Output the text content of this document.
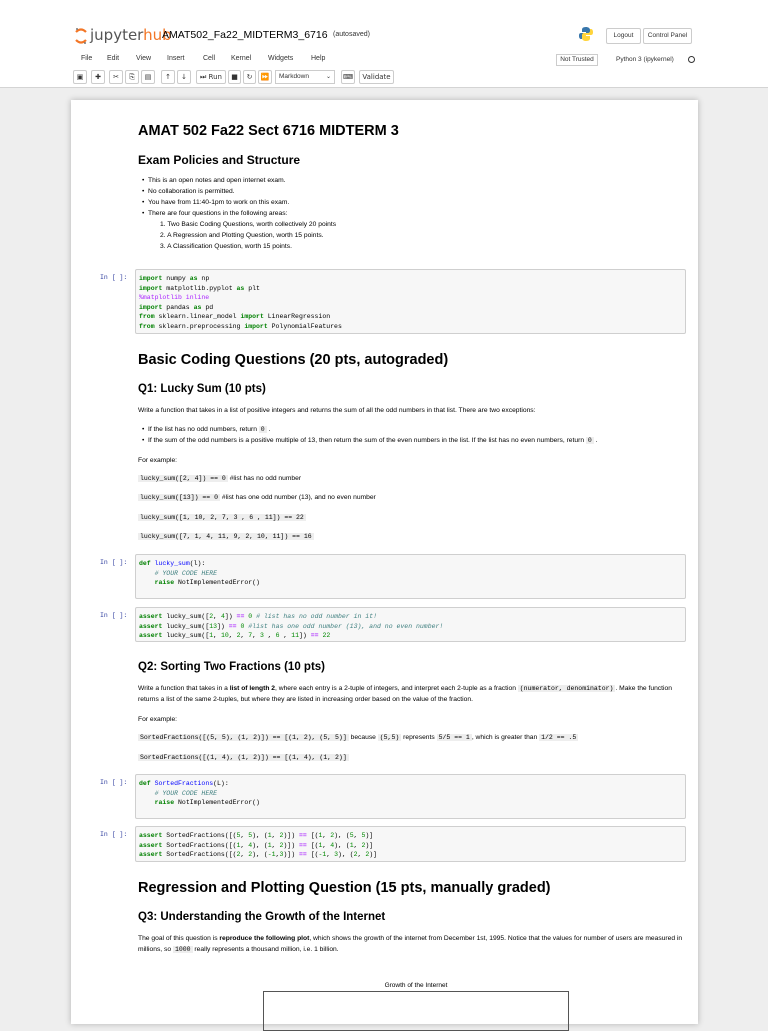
jupyterhub
AMAT502_Fa22_MIDTERM3_6716 (autosaved)	Logout	Control Panel
File Edit View Insert	Cell Kernel Widgets	Help	Not Trusted	Python 3 (ipykernel)
▣	✚	✂	⎘	▤	↑	↓	⏭ Run	■	↻	⏩	Markdown	⌄ ⌨	Validate
AMAT 502 Fa22 Sect 6716 MIDTERM 3
Exam Policies and Structure
• This is an open notes and open internet exam.
• No collaboration is permitted.
• You have from 11:40-1pm to work on this exam.
• There are four questions in the following areas:
1. Two Basic Coding Questions, worth collectively 20 points
2. A Regression and Plotting Question, worth 15 points.
3. A Classification Question, worth 15 points.
In [ ]:	import numpy as np
import matplotlib.pyplot as plt
%matplotlib inline
import pandas as pd
from sklearn.linear_model import LinearRegression
from sklearn.preprocessing import PolynomialFeatures
Basic Coding Questions (20 pts, autograded)
Q1: Lucky Sum (10 pts)
Write a function that takes in a list of positive integers and returns the sum of all the odd numbers in that list. There are two exceptions:
• If the list has no odd numbers, return 0 .
• If the sum of the odd numbers is a positive multiple of 13, then return the sum of the even numbers in the list. If the list has no even numbers, return 0 .
For example:
lucky_sum([2, 4]) == 0 #list has no odd number
lucky_sum([13]) == 0 #list has one odd number (13), and no even number
lucky_sum([1, 10, 2, 7, 3 , 6 , 11]) == 22
lucky_sum([7, 1, 4, 11, 9, 2, 10, 11]) == 16
In [ ]:	def lucky_sum(l):
# YOUR CODE HERE
raise NotImplementedError()
In [ ]:	assert lucky_sum([2, 4]) == 0 # list has no odd number in it!
assert lucky_sum([13]) == 0 #list has one odd number (13), and no even number!
assert lucky_sum([1, 10, 2, 7, 3 , 6 , 11]) == 22
Q2: Sorting Two Fractions (10 pts)
Write a function that takes in a list of length 2, where each entry is a 2-tuple of integers, and interpret each 2-tuple as a fraction (numerator, denominator) . Make the function returns a list of the same 2-tuples, but where they are listed in increasing order based on the value of the fraction.
For example:
SortedFractions([(5, 5), (1, 2)]) == [(1, 2), (5, 5)] because (5,5) represents 5/5 == 1 , which is greater than 1/2 == .5
SortedFractions([(1, 4), (1, 2)]) == [(1, 4), (1, 2)]
In [ ]:	def SortedFractions(L):
# YOUR CODE HERE
raise NotImplementedError()
In [ ]:	assert SortedFractions([(5, 5), (1, 2)]) == [(1, 2), (5, 5)]
assert SortedFractions([(1, 4), (1, 2)]) == [(1, 4), (1, 2)]
assert SortedFractions([(2, 2), (-1,3)]) == [(-1, 3), (2, 2)]
Regression and Plotting Question (15 pts, manually graded)
Q3: Understanding the Growth of the Internet
The goal of this question is reproduce the following plot, which shows the growth of the internet from December 1st, 1995. Notice that the values for number of users are measured in millions, so 1000 really represents a thousand million, i.e. 1 billion.
Growth of the Internet
